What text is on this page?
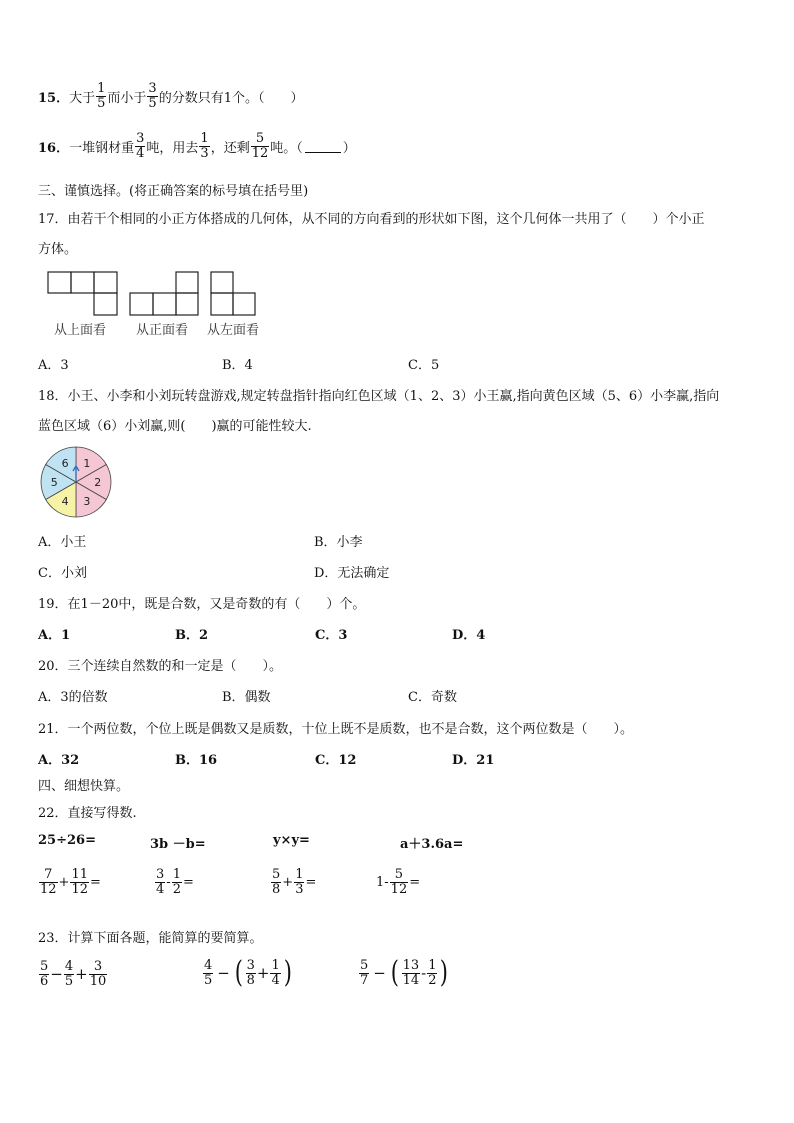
15． 大于 $\frac{1}{5}$ 而小于 $\frac{3}{5}$ 的分数只有1个。（　　）
16． 一堆钢材重 $\frac{3}{4}$ 吨，用去 $\frac{1}{3}$ ，还剩 $\frac{5}{12}$ 吨。（	）
三、谨慎选择。(将正确答案的标号填在括号里)
17．由若干个相同的小正方体搭成的几何体，从不同的方向看到的形状如下图，这个几何体一共用了（　　）个小正
方体。
从上面看 从正面看 从左面看
A．3	B．4	C．5
18．小王、小李和小刘玩转盘游戏,规定转盘指针指向红色区域（1、2、3）小王赢,指向黄色区域（5、6）小李赢,指向
蓝色区域（6）小刘赢,则(　　)赢的可能性较大.
1
2
3
4
5
6
A．小王	B．小李
C．小刘	D．无法确定
19．在1－20中，既是合数，又是奇数的有（　　）个。
A．1	B．2	C．3	D．4
20．三个连续自然数的和一定是（　　）。
A．3的倍数	B．偶数	C．奇数
21．一个两位数，个位上既是偶数又是质数，十位上既不是质数，也不是合数，这个两位数是（　　）。
A．32	B．16	C．12	D．21
四、细想快算。
22．直接写得数.
25÷26=	3b －b=	y×y=	a＋3.6a=
$\frac{7}{12} + \frac{11}{12}$ =	$\frac{3}{4} - \frac{1}{2}$ =	$\frac{5}{8} + \frac{1}{3}$ =	$1- \frac{5}{12}$ =
23．计算下面各题，能简算的要简算。
$\frac{5}{6} - \frac{4}{5} + \frac{3}{10}$	$\frac{4}{5}$ − ( $\frac{3}{8} + \frac{1}{4}$ )	$\frac{5}{7}$ − ( $\frac{13}{14} - \frac{1}{2}$ )
